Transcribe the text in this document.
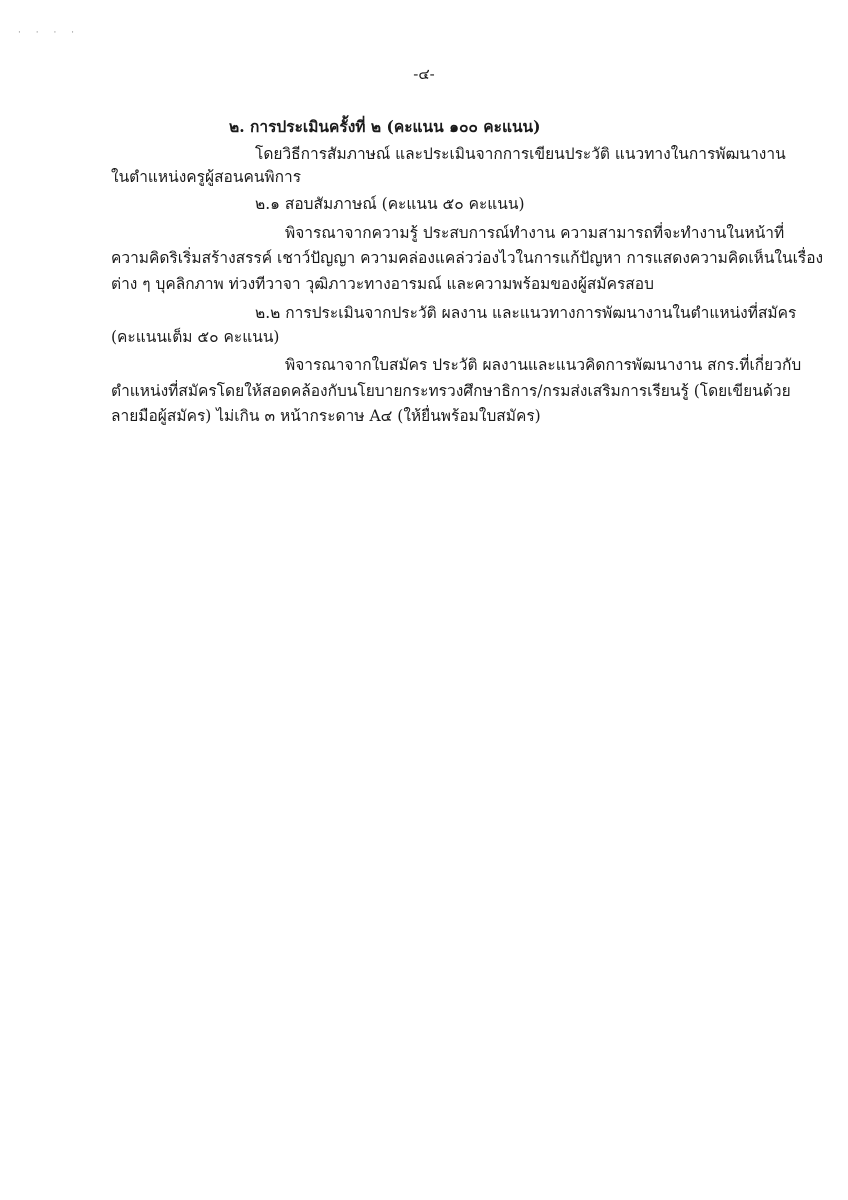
· · · ·
-๔-
๒. การประเมินครั้งที่ ๒ (คะแนน ๑๐๐ คะแนน)
โดยวิธีการสัมภาษณ์ และประเมินจากการเขียนประวัติ แนวทางในการพัฒนางาน
ในตำแหน่งครูผู้สอนคนพิการ
๒.๑ สอบสัมภาษณ์ (คะแนน ๕๐ คะแนน)
พิจารณาจากความรู้ ประสบการณ์ทำงาน ความสามารถที่จะทำงานในหน้าที่
ความคิดริเริ่มสร้างสรรค์ เชาว์ปัญญา ความคล่องแคล่วว่องไวในการแก้ปัญหา การแสดงความคิดเห็นในเรื่อง
ต่าง ๆ บุคลิกภาพ ท่วงทีวาจา วุฒิภาวะทางอารมณ์ และความพร้อมของผู้สมัครสอบ
๒.๒ การประเมินจากประวัติ ผลงาน และแนวทางการพัฒนางานในตำแหน่งที่สมัคร
(คะแนนเต็ม ๕๐ คะแนน)
พิจารณาจากใบสมัคร ประวัติ ผลงานและแนวคิดการพัฒนางาน สกร.ที่เกี่ยวกับ
ตำแหน่งที่สมัครโดยให้สอดคล้องกับนโยบายกระทรวงศึกษาธิการ/กรมส่งเสริมการเรียนรู้ (โดยเขียนด้วย
ลายมือผู้สมัคร) ไม่เกิน ๓ หน้ากระดาษ A๔ (ให้ยื่นพร้อมใบสมัคร)
